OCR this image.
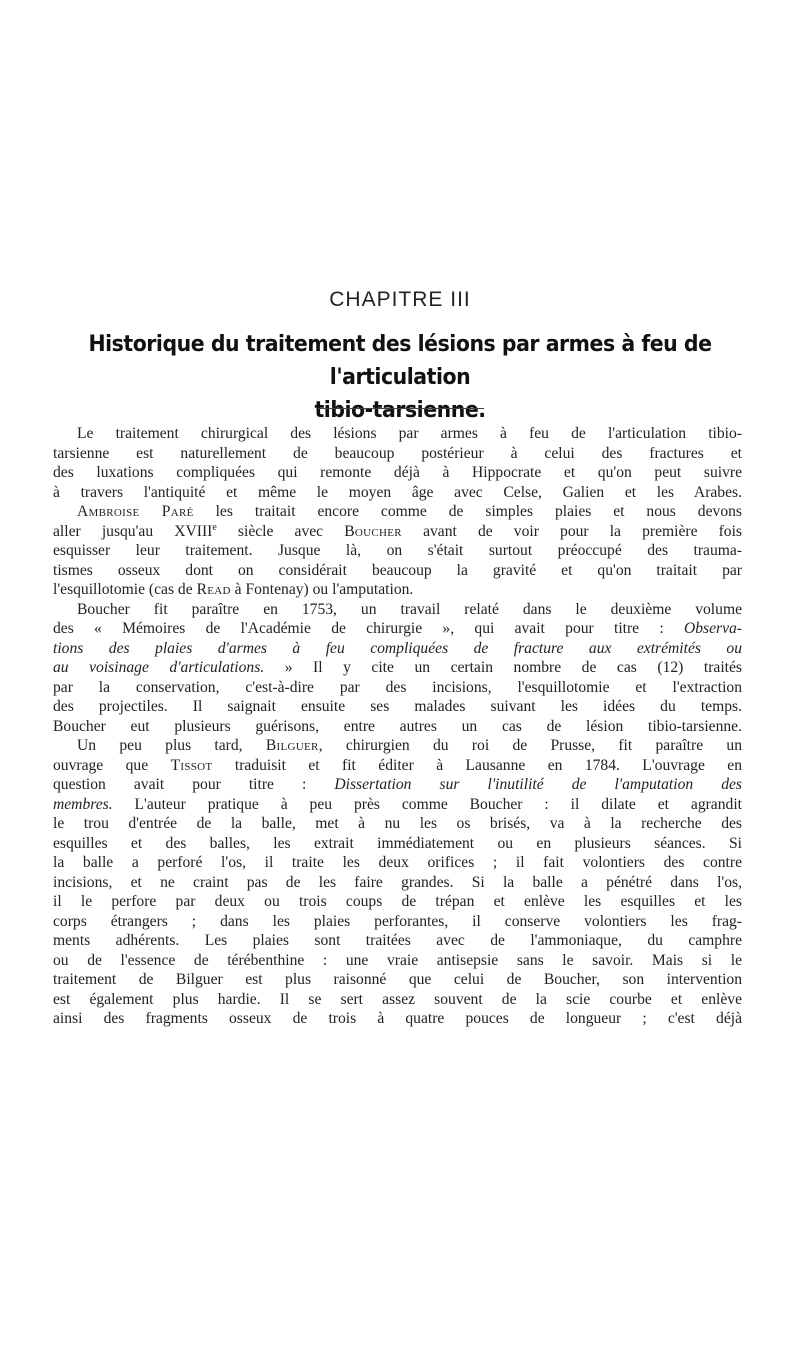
CHAPITRE III
Historique du traitement des lésions par armes à feu de l'articulation
tibio-tarsienne.
Le traitement chirurgical des lésions par armes à feu de l'articulation tibio-
tarsienne est naturellement de beaucoup postérieur à celui des fractures et
des luxations compliquées qui remonte déjà à Hippocrate et qu'on peut suivre
à travers l'antiquité et même le moyen âge avec Celse, Galien et les Arabes.
Ambroise Paré les traitait encore comme de simples plaies et nous devons
aller jusqu'au XVIIIe siècle avec Boucher avant de voir pour la première fois
esquisser leur traitement. Jusque là, on s'était surtout préoccupé des trauma-
tismes osseux dont on considérait beaucoup la gravité et qu'on traitait par
l'esquillotomie (cas de Read à Fontenay) ou l'amputation.
Boucher fit paraître en 1753, un travail relaté dans le deuxième volume
des « Mémoires de l'Académie de chirurgie », qui avait pour titre : Observa-
tions des plaies d'armes à feu compliquées de fracture aux extrémités ou
au voisinage d'articulations. » Il y cite un certain nombre de cas (12) traités
par la conservation, c'est-à-dire par des incisions, l'esquillotomie et l'extraction
des projectiles. Il saignait ensuite ses malades suivant les idées du temps.
Boucher eut plusieurs guérisons, entre autres un cas de lésion tibio-tarsienne.
Un peu plus tard, Bilguer, chirurgien du roi de Prusse, fit paraître un
ouvrage que Tissot traduisit et fit éditer à Lausanne en 1784. L'ouvrage en
question avait pour titre : Dissertation sur l'inutilité de l'amputation des
membres. L'auteur pratique à peu près comme Boucher : il dilate et agrandit
le trou d'entrée de la balle, met à nu les os brisés, va à la recherche des
esquilles et des balles, les extrait immédiatement ou en plusieurs séances. Si
la balle a perforé l'os, il traite les deux orifices ; il fait volontiers des contre
incisions, et ne craint pas de les faire grandes. Si la balle a pénétré dans l'os,
il le perfore par deux ou trois coups de trépan et enlève les esquilles et les
corps étrangers ; dans les plaies perforantes, il conserve volontiers les frag-
ments adhérents. Les plaies sont traitées avec de l'ammoniaque, du camphre
ou de l'essence de térébenthine : une vraie antisepsie sans le savoir. Mais si le
traitement de Bilguer est plus raisonné que celui de Boucher, son intervention
est également plus hardie. Il se sert assez souvent de la scie courbe et enlève
ainsi des fragments osseux de trois à quatre pouces de longueur ; c'est déjà
